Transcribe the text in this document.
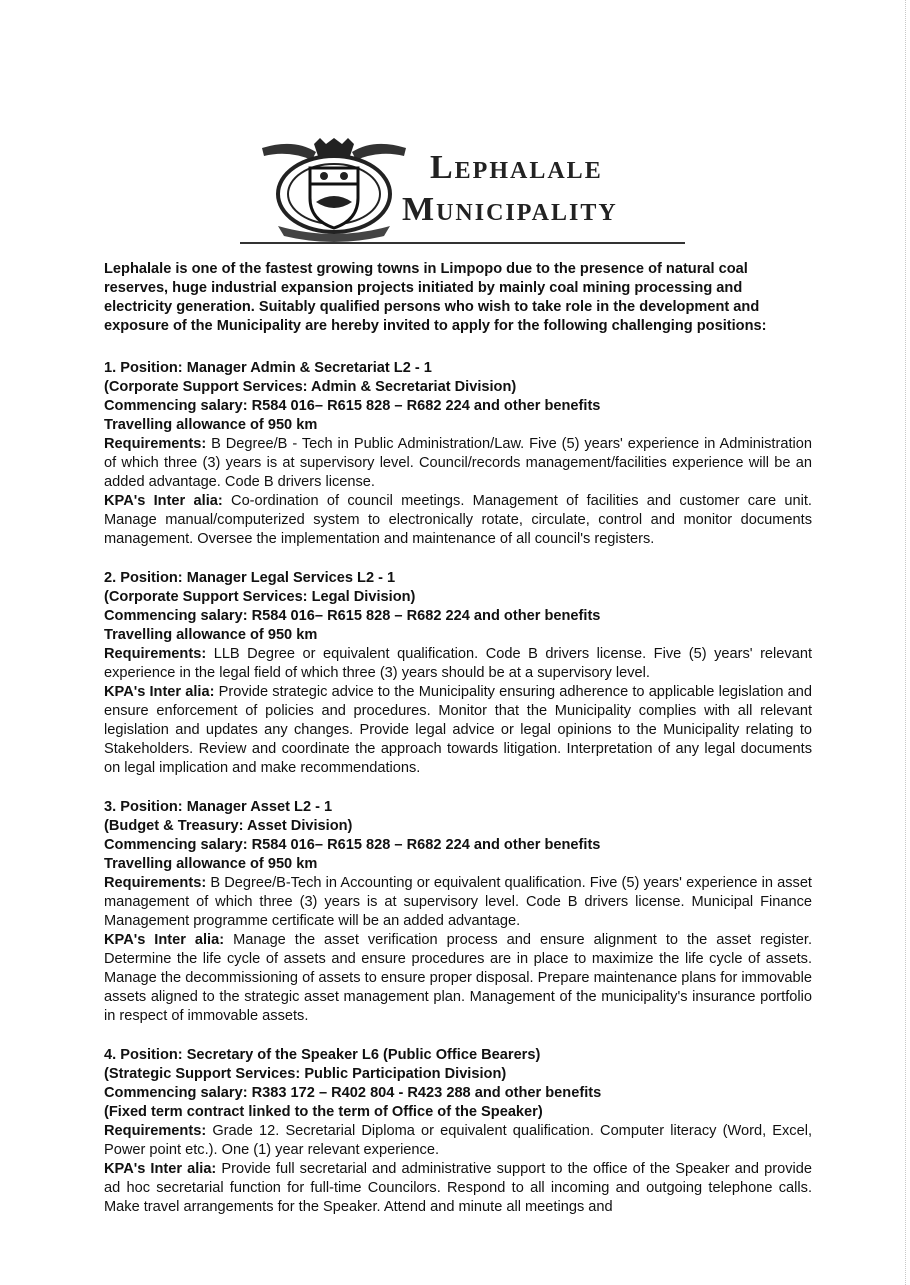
Lephalale
Municipality

Lephalale is one of the fastest growing towns in Limpopo due to the presence of natural coal reserves, huge industrial expansion projects initiated by mainly coal mining processing and electricity generation. Suitably qualified persons who wish to take role in the development and exposure of the Municipality are hereby invited to apply for the following challenging positions:

1. Position: Manager Admin & Secretariat L2 - 1
(Corporate Support Services: Admin & Secretariat Division)
Commencing salary: R584 016– R615 828 – R682 224 and other benefits
Travelling allowance of 950 km

Requirements: B Degree/B - Tech in Public Administration/Law. Five (5) years' experience in Administration of which three (3) years is at supervisory level. Council/records management/facilities experience will be an added advantage. Code B drivers license.

KPA's Inter alia: Co-ordination of council meetings. Management of facilities and customer care unit. Manage manual/computerized system to electronically rotate, circulate, control and monitor documents management. Oversee the implementation and maintenance of all council's registers.

2. Position: Manager Legal Services L2 - 1
(Corporate Support Services: Legal Division)
Commencing salary: R584 016– R615 828 – R682 224 and other benefits
Travelling allowance of 950 km

Requirements: LLB Degree or equivalent qualification. Code B drivers license. Five (5) years' relevant experience in the legal field of which three (3) years should be at a supervisory level.

KPA's Inter alia: Provide strategic advice to the Municipality ensuring adherence to applicable legislation and ensure enforcement of policies and procedures. Monitor that the Municipality complies with all relevant legislation and updates any changes. Provide legal advice or legal opinions to the Municipality relating to Stakeholders. Review and coordinate the approach towards litigation. Interpretation of any legal documents on legal implication and make recommendations.

3. Position: Manager Asset L2 - 1
(Budget & Treasury: Asset Division)
Commencing salary: R584 016– R615 828 – R682 224 and other benefits
Travelling allowance of 950 km

Requirements: B Degree/B-Tech in Accounting or equivalent qualification. Five (5) years' experience in asset management of which three (3) years is at supervisory level. Code B drivers license. Municipal Finance Management programme certificate will be an added advantage.

KPA's Inter alia: Manage the asset verification process and ensure alignment to the asset register. Determine the life cycle of assets and ensure procedures are in place to maximize the life cycle of assets. Manage the decommissioning of assets to ensure proper disposal. Prepare maintenance plans for immovable assets aligned to the strategic asset management plan. Management of the municipality's insurance portfolio in respect of immovable assets.

4. Position: Secretary of the Speaker L6 (Public Office Bearers)
(Strategic Support Services: Public Participation Division)
Commencing salary: R383 172 – R402 804 - R423 288 and other benefits
(Fixed term contract linked to the term of Office of the Speaker)

Requirements: Grade 12. Secretarial Diploma or equivalent qualification. Computer literacy (Word, Excel, Power point etc.). One (1) year relevant experience.

KPA's Inter alia: Provide full secretarial and administrative support to the office of the Speaker and provide ad hoc secretarial function for full-time Councilors. Respond to all incoming and outgoing telephone calls. Make travel arrangements for the Speaker. Attend and minute all meetings and
